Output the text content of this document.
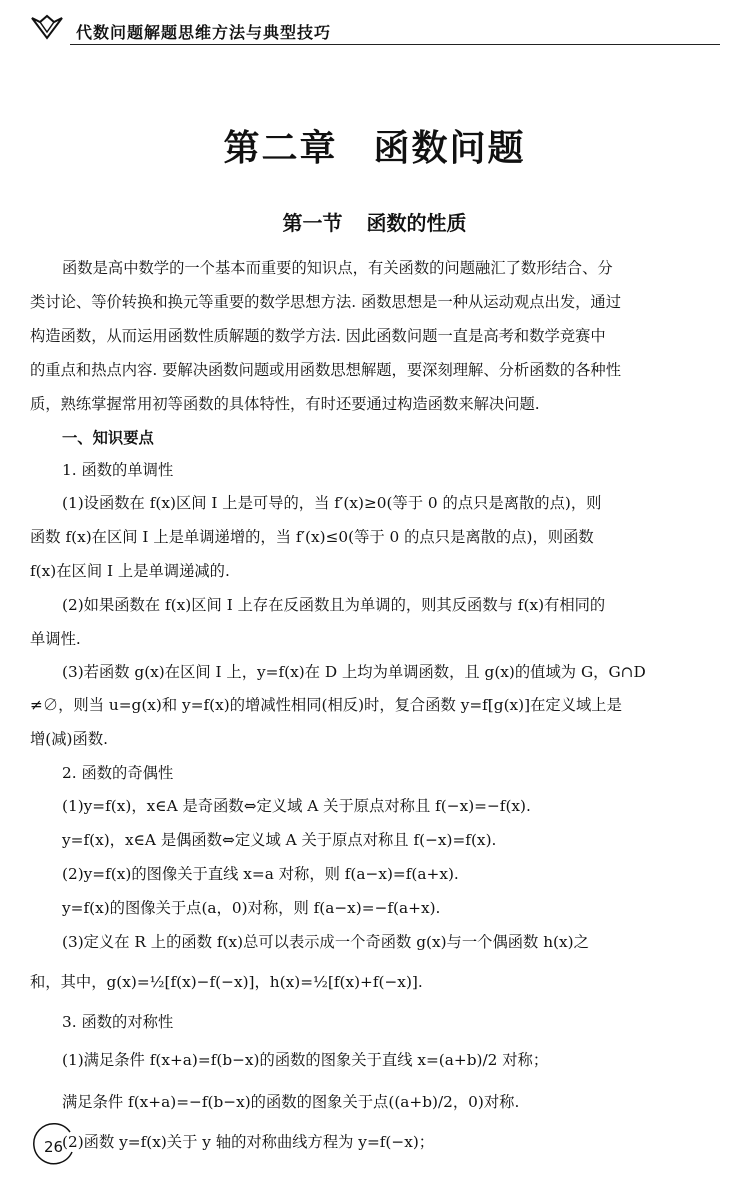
代数问题解题思维方法与典型技巧
第二章 函数问题
第一节 函数的性质
函数是高中数学的一个基本而重要的知识点，有关函数的问题融汇了数形结合、分
类讨论、等价转换和换元等重要的数学思想方法. 函数思想是一种从运动观点出发，通过
构造函数，从而运用函数性质解题的数学方法. 因此函数问题一直是高考和数学竞赛中
的重点和热点内容. 要解决函数问题或用函数思想解题，要深刻理解、分析函数的各种性
质，熟练掌握常用初等函数的具体特性，有时还要通过构造函数来解决问题.
一、知识要点
1. 函数的单调性
(1)设函数在 f(x)区间 I 上是可导的，当 f′(x)≥0(等于 0 的点只是离散的点)，则
函数 f(x)在区间 I 上是单调递增的，当 f′(x)≤0(等于 0 的点只是离散的点)，则函数
f(x)在区间 I 上是单调递减的.
(2)如果函数在 f(x)区间 I 上存在反函数且为单调的，则其反函数与 f(x)有相同的
单调性.
(3)若函数 g(x)在区间 I 上，y=f(x)在 D 上均为单调函数，且 g(x)的值域为 G，G∩D
≠∅，则当 u=g(x)和 y=f(x)的增减性相同(相反)时，复合函数 y=f[g(x)]在定义域上是
增(减)函数.
2. 函数的奇偶性
(1)y=f(x)，x∈A 是奇函数⇔定义域 A 关于原点对称且 f(−x)=−f(x).
y=f(x)，x∈A 是偶函数⇔定义域 A 关于原点对称且 f(−x)=f(x).
(2)y=f(x)的图像关于直线 x=a 对称，则 f(a−x)=f(a+x).
y=f(x)的图像关于点(a，0)对称，则 f(a−x)=−f(a+x).
(3)定义在 R 上的函数 f(x)总可以表示成一个奇函数 g(x)与一个偶函数 h(x)之
和，其中，g(x)=½[f(x)−f(−x)]，h(x)=½[f(x)+f(−x)].
3. 函数的对称性
(1)满足条件 f(x+a)=f(b−x)的函数的图象关于直线 x=(a+b)/2 对称；
满足条件 f(x+a)=−f(b−x)的函数的图象关于点((a+b)/2，0)对称.
(2)函数 y=f(x)关于 y 轴的对称曲线方程为 y=f(−x)；
26
